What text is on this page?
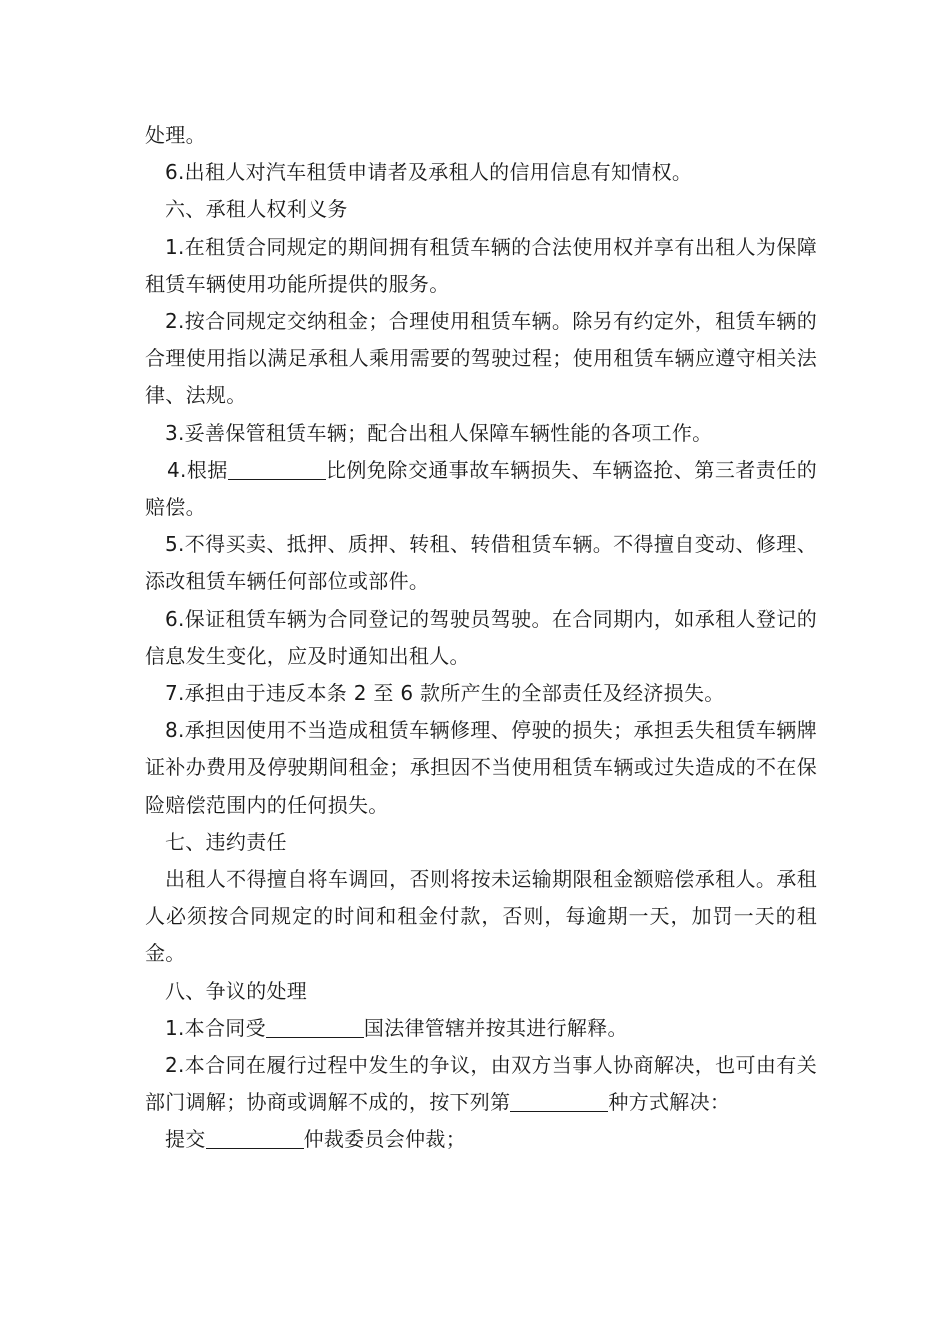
处理。

6.出租人对汽车租赁申请者及承租人的信用信息有知情权。

六、承租人权利义务

1.在租赁合同规定的期间拥有租赁车辆的合法使用权并享有出租人为保障租赁车辆使用功能所提供的服务。

2.按合同规定交纳租金；合理使用租赁车辆。除另有约定外，租赁车辆的合理使用指以满足承租人乘用需要的驾驶过程；使用租赁车辆应遵守相关法律、法规。

3.妥善保管租赁车辆；配合出租人保障车辆性能的各项工作。

4.根据	比例免除交通事故车辆损失、车辆盗抢、第三者责任的赔偿。

5.不得买卖、抵押、质押、转租、转借租赁车辆。不得擅自变动、修理、添改租赁车辆任何部位或部件。

6.保证租赁车辆为合同登记的驾驶员驾驶。在合同期内，如承租人登记的信息发生变化，应及时通知出租人。

7.承担由于违反本条 2 至 6 款所产生的全部责任及经济损失。

8.承担因使用不当造成租赁车辆修理、停驶的损失；承担丢失租赁车辆牌证补办费用及停驶期间租金；承担因不当使用租赁车辆或过失造成的不在保险赔偿范围内的任何损失。

七、违约责任

出租人不得擅自将车调回，否则将按未运输期限租金额赔偿承租人。承租人必须按合同规定的时间和租金付款，否则，每逾期一天，加罚一天的租金。

八、争议的处理

1.本合同受	国法律管辖并按其进行解释。

2.本合同在履行过程中发生的争议，由双方当事人协商解决，也可由有关部门调解；协商或调解不成的，按下列第	种方式解决：

提交	仲裁委员会仲裁；
